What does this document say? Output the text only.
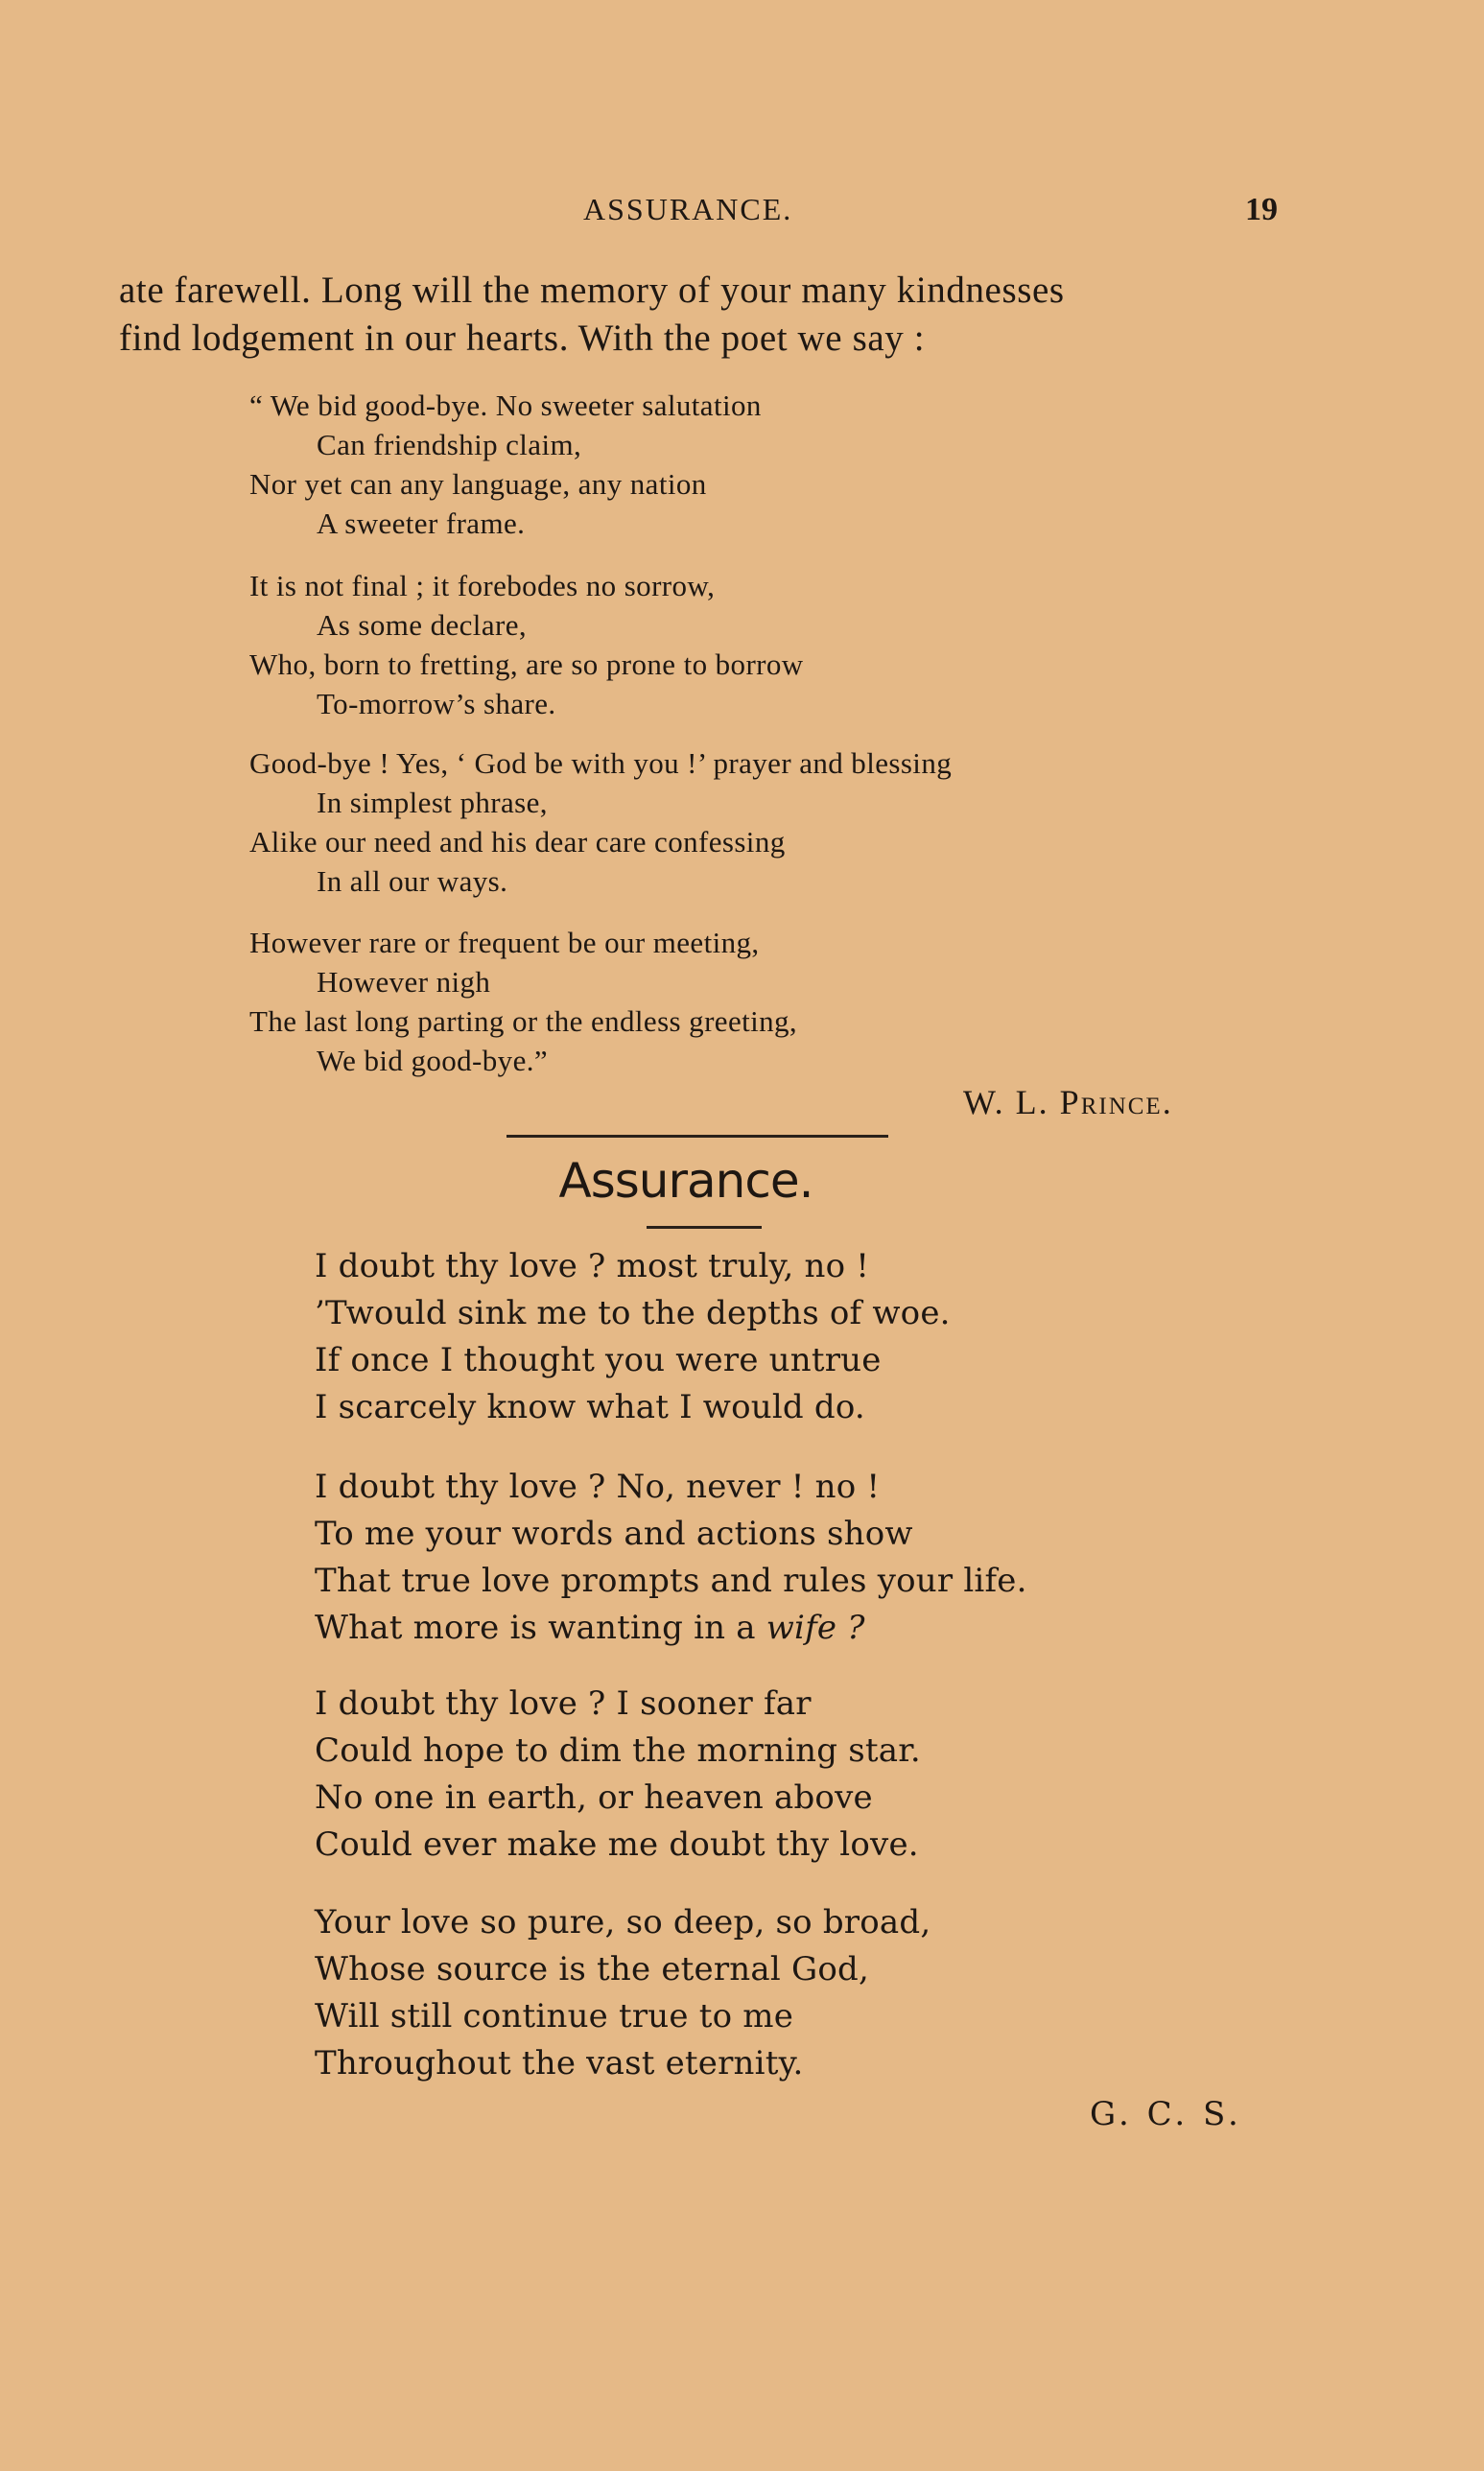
ASSURANCE.	19

ate farewell. Long will the memory of your many kindnesses
find lodgement in our hearts. With the poet we say :

“ We bid good-bye. No sweeter salutation
Can friendship claim,
Nor yet can any language, any nation
A sweeter frame.

It is not final ; it forebodes no sorrow,
As some declare,
Who, born to fretting, are so prone to borrow
To-morrow’s share.

Good-bye ! Yes, ‘ God be with you !’ prayer and blessing
In simplest phrase,
Alike our need and his dear care confessing
In all our ways.

However rare or frequent be our meeting,
However nigh
The last long parting or the endless greeting,
We bid good-bye.”

W. L. Prince.
Assurance.

I doubt thy love ? most truly, no !
’Twould sink me to the depths of woe.
If once I thought you were untrue
I scarcely know what I would do.

I doubt thy love ? No, never ! no !
To me your words and actions show
That true love prompts and rules your life.
What more is wanting in a wife ?

I doubt thy love ? I sooner far
Could hope to dim the morning star.
No one in earth, or heaven above
Could ever make me doubt thy love.

Your love so pure, so deep, so broad,
Whose source is the eternal God,
Will still continue true to me
Throughout the vast eternity.

G. C. S.
